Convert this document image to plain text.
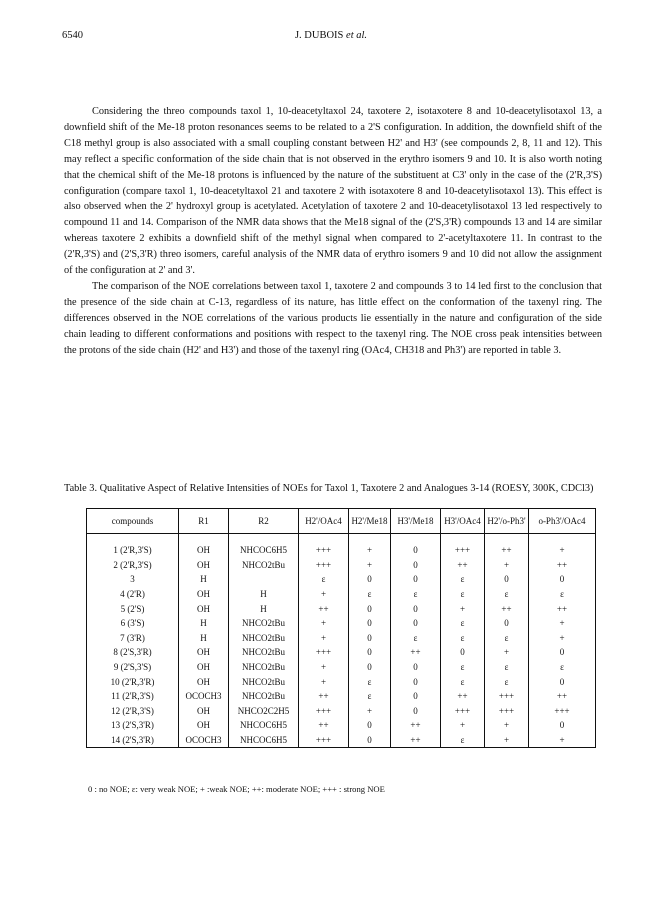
6540	J. DUBOIS et al.

Considering the threo compounds taxol 1, 10-deacetyltaxol 24, taxotere 2, isotaxotere 8 and 10-deacetylisotaxol 13, a downfield shift of the Me-18 proton resonances seems to be related to a 2'S configuration. In addition, the downfield shift of the C18 methyl group is also associated with a small coupling constant between H2' and H3' (see compounds 2, 8, 11 and 12). This may reflect a specific conformation of the side chain that is not observed in the erythro isomers 9 and 10. It is also worth noting that the chemical shift of the Me-18 protons is influenced by the nature of the substituent at C3' only in the case of the (2'R,3'S) configuration (compare taxol 1, 10-deacetyltaxol 21 and taxotere 2 with isotaxotere 8 and 10-deacetylisotaxol 13). This effect is also observed when the 2' hydroxyl group is acetylated. Acetylation of taxotere 2 and 10-deacetylisotaxol 13 led respectively to compound 11 and 14. Comparison of the NMR data shows that the Me18 signal of the (2'S,3'R) compounds 13 and 14 are similar whereas taxotere 2 exhibits a downfield shift of the methyl signal when compared to 2'-acetyltaxotere 11. In contrast to the (2'R,3'S) and (2'S,3'R) threo isomers, careful analysis of the NMR data of erythro isomers 9 and 10 did not allow the assignment of the configuration at 2' and 3'.

The comparison of the NOE correlations between taxol 1, taxotere 2 and compounds 3 to 14 led first to the conclusion that the presence of the side chain at C-13, regardless of its nature, has little effect on the conformation of the taxenyl ring. The differences observed in the NOE correlations of the various products lie essentially in the nature and configuration of the side chain leading to different conformations and positions with respect to the taxenyl ring. The NOE cross peak intensities between the protons of the side chain (H2' and H3') and those of the taxenyl ring (OAc4, CH318 and Ph3') are reported in table 3.

Table 3. Qualitative Aspect of Relative Intensities of NOEs for Taxol 1, Taxotere 2 and Analogues 3-14 (ROESY, 300K, CDCl3)
compounds	R1	R2	H2'/OAc4	H2'/Me18	H3'/Me18	H3'/OAc4	H2'/o-Ph3'	o-Ph3'/OAc4
1 (2'R,3'S)	OH	NHCOC6H5	+++	+	0	+++	++	+
2 (2'R,3'S)	OH	NHCO2tBu	+++	+	0	++	+	++
3	H		ε	0	0	ε	0	0
4 (2'R)	OH	H	+	ε	ε	ε	ε	ε
5 (2'S)	OH	H	++	0	0	+	++	++
6 (3'S)	H	NHCO2tBu	+	0	0	ε	0	+
7 (3'R)	H	NHCO2tBu	+	0	ε	ε	ε	+
8 (2'S,3'R)	OH	NHCO2tBu	+++	0	++	0	+	0
9 (2'S,3'S)	OH	NHCO2tBu	+	0	0	ε	ε	ε
10 (2'R,3'R)	OH	NHCO2tBu	+	ε	0	ε	ε	0
11 (2'R,3'S)	OCOCH3	NHCO2tBu	++	ε	0	++	+++	++
12 (2'R,3'S)	OH	NHCO2C2H5	+++	+	0	+++	+++	+++
13 (2'S,3'R)	OH	NHCOC6H5	++	0	++	+	+	0
14 (2'S,3'R)	OCOCH3	NHCOC6H5	+++	0	++	ε	+	+
0 : no NOE; ε: very weak NOE; + :weak NOE; ++: moderate NOE; +++ : strong NOE
